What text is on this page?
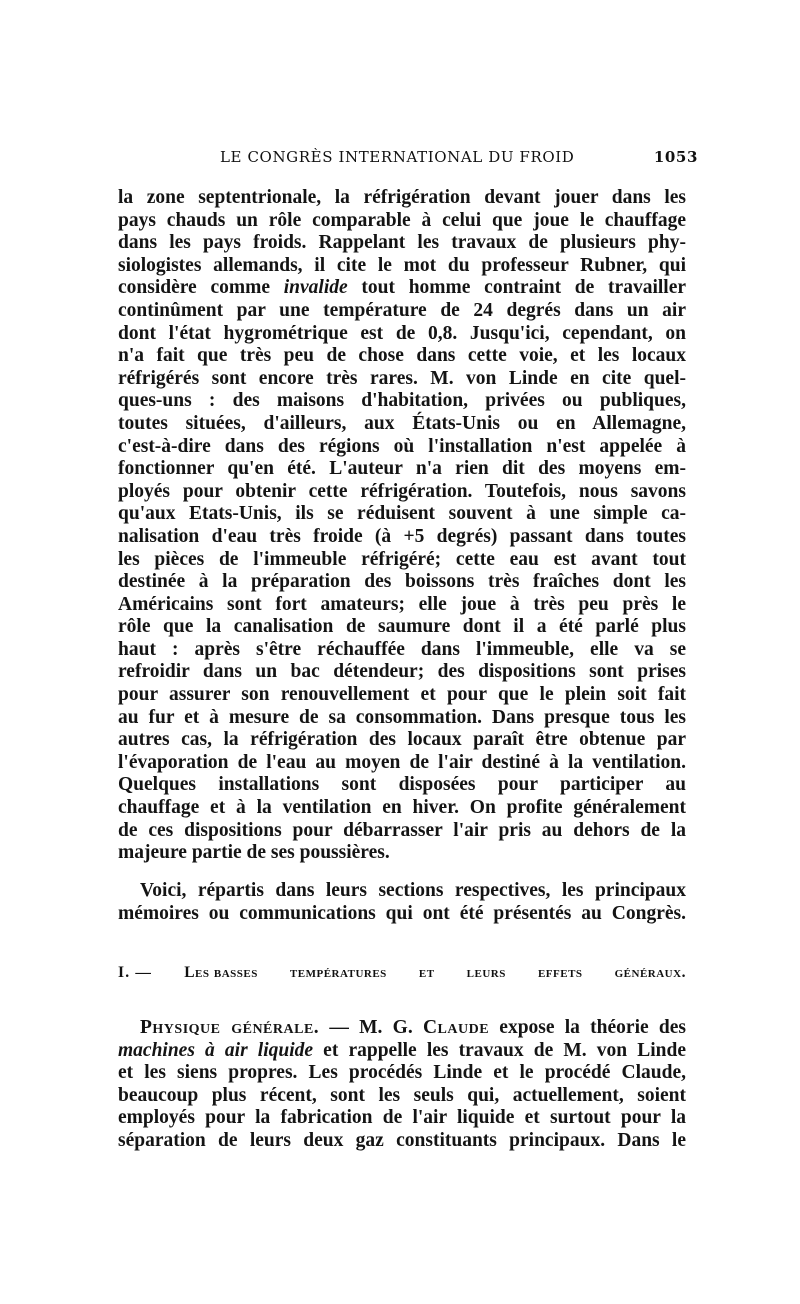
LE CONGRÈS INTERNATIONAL DU FROID	1053
la zone septentrionale, la réfrigération devant jouer dans les
pays chauds un rôle comparable à celui que joue le chauffage
dans les pays froids. Rappelant les travaux de plusieurs phy-
siologistes allemands, il cite le mot du professeur Rubner, qui
considère comme invalide tout homme contraint de travailler
continûment par une température de 24 degrés dans un air
dont l'état hygrométrique est de 0,8. Jusqu'ici, cependant, on
n'a fait que très peu de chose dans cette voie, et les locaux
réfrigérés sont encore très rares. M. von Linde en cite quel-
ques-uns : des maisons d'habitation, privées ou publiques,
toutes situées, d'ailleurs, aux États-Unis ou en Allemagne,
c'est-à-dire dans des régions où l'installation n'est appelée à
fonctionner qu'en été. L'auteur n'a rien dit des moyens em-
ployés pour obtenir cette réfrigération. Toutefois, nous savons
qu'aux Etats-Unis, ils se réduisent souvent à une simple ca-
nalisation d'eau très froide (à +5 degrés) passant dans toutes
les pièces de l'immeuble réfrigéré; cette eau est avant tout
destinée à la préparation des boissons très fraîches dont les
Américains sont fort amateurs; elle joue à très peu près le
rôle que la canalisation de saumure dont il a été parlé plus
haut : après s'être réchauffée dans l'immeuble, elle va se
refroidir dans un bac détendeur; des dispositions sont prises
pour assurer son renouvellement et pour que le plein soit fait
au fur et à mesure de sa consommation. Dans presque tous les
autres cas, la réfrigération des locaux paraît être obtenue par
l'évaporation de l'eau au moyen de l'air destiné à la ventilation.
Quelques installations sont disposées pour participer au
chauffage et à la ventilation en hiver. On profite généralement
de ces dispositions pour débarrasser l'air pris au dehors de la
majeure partie de ses poussières.
Voici, répartis dans leurs sections respectives, les principaux
mémoires ou communications qui ont été présentés au Congrès.
I. — Les basses températures et leurs effets généraux.
Physique générale. — M. G. Claude expose la théorie des
machines à air liquide et rappelle les travaux de M. von Linde
et les siens propres. Les procédés Linde et le procédé Claude,
beaucoup plus récent, sont les seuls qui, actuellement, soient
employés pour la fabrication de l'air liquide et surtout pour la
séparation de leurs deux gaz constituants principaux. Dans le
